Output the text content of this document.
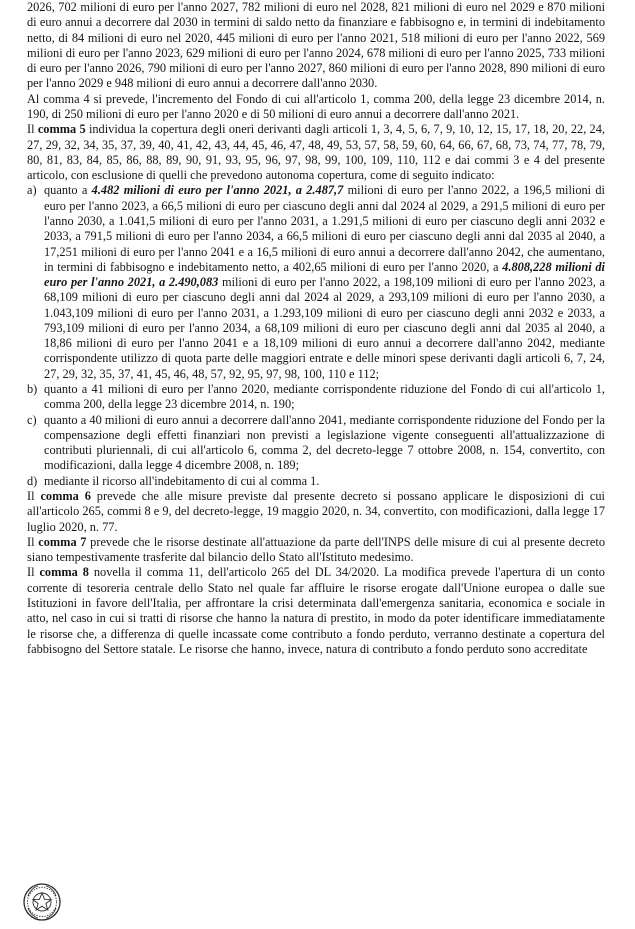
2026, 702 milioni di euro per l'anno 2027, 782 milioni di euro nel 2028, 821 milioni di euro nel 2029 e 870 milioni di euro annui a decorrere dal 2030 in termini di saldo netto da finanziare e fabbisogno e, in termini di indebitamento netto, di 84 milioni di euro nel 2020, 445 milioni di euro per l'anno 2021, 518 milioni di euro per l'anno 2022, 569 milioni di euro per l'anno 2023, 629 milioni di euro per l'anno 2024, 678 milioni di euro per l'anno 2025, 733 milioni di euro per l'anno 2026, 790 milioni di euro per l'anno 2027, 860 milioni di euro per l'anno 2028, 890 milioni di euro per l'anno 2029 e 948 milioni di euro annui a decorrere dall'anno 2030.

Al comma 4 si prevede, l'incremento del Fondo di cui all'articolo 1, comma 200, della legge 23 dicembre 2014, n. 190, di 250 milioni di euro per l'anno 2020 e di 50 milioni di euro annui a decorrere dall'anno 2021.

Il comma 5 individua la copertura degli oneri derivanti dagli articoli 1, 3, 4, 5, 6, 7, 9, 10, 12, 15, 17, 18, 20, 22, 24, 27, 29, 32, 34, 35, 37, 39, 40, 41, 42, 43, 44, 45, 46, 47, 48, 49, 53, 57, 58, 59, 60, 64, 66, 67, 68, 73, 74, 77, 78, 79, 80, 81, 83, 84, 85, 86, 88, 89, 90, 91, 93, 95, 96, 97, 98, 99, 100, 109, 110, 112 e dai commi 3 e 4 del presente articolo, con esclusione di quelli che prevedono autonoma copertura, come di seguito indicato:

a) quanto a 4.482 milioni di euro per l'anno 2021, a 2.487,7 milioni di euro per l'anno 2022, a 196,5 milioni di euro per l'anno 2023, a 66,5 milioni di euro per ciascuno degli anni dal 2024 al 2029, a 291,5 milioni di euro per l'anno 2030, a 1.041,5 milioni di euro per l'anno 2031, a 1.291,5 milioni di euro per ciascuno degli anni 2032 e 2033, a 791,5 milioni di euro per l'anno 2034, a 66,5 milioni di euro per ciascuno degli anni dal 2035 al 2040, a 17,251 milioni di euro per l'anno 2041 e a 16,5 milioni di euro annui a decorrere dall'anno 2042, che aumentano, in termini di fabbisogno e indebitamento netto, a 402,65 milioni di euro per l'anno 2020, a 4.808,228 milioni di euro per l'anno 2021, a 2.490,083 milioni di euro per l'anno 2022, a 198,109 milioni di euro per l'anno 2023, a 68,109 milioni di euro per ciascuno degli anni dal 2024 al 2029, a 293,109 milioni di euro per l'anno 2030, a 1.043,109 milioni di euro per l'anno 2031, a 1.293,109 milioni di euro per ciascuno degli anni 2032 e 2033, a 793,109 milioni di euro per l'anno 2034, a 68,109 milioni di euro per ciascuno degli anni dal 2035 al 2040, a 18,86 milioni di euro per l'anno 2041 e a 18,109 milioni di euro annui a decorrere dall'anno 2042, mediante corrispondente utilizzo di quota parte delle maggiori entrate e delle minori spese derivanti dagli articoli 6, 7, 24, 27, 29, 32, 35, 37, 41, 45, 46, 48, 57, 92, 95, 97, 98, 100, 110 e 112;
b) quanto a 41 milioni di euro per l'anno 2020, mediante corrispondente riduzione del Fondo di cui all'articolo 1, comma 200, della legge 23 dicembre 2014, n. 190;
c) quanto a 40 milioni di euro annui a decorrere dall'anno 2041, mediante corrispondente riduzione del Fondo per la compensazione degli effetti finanziari non previsti a legislazione vigente conseguenti all'attualizzazione di contributi pluriennali, di cui all'articolo 6, comma 2, del decreto-legge 7 ottobre 2008, n. 154, convertito, con modificazioni, dalla legge 4 dicembre 2008, n. 189;
d) mediante il ricorso all'indebitamento di cui al comma 1.

Il comma 6 prevede che alle misure previste dal presente decreto si possano applicare le disposizioni di cui all'articolo 265, commi 8 e 9, del decreto-legge, 19 maggio 2020, n. 34, convertito, con modificazioni, dalla legge 17 luglio 2020, n. 77.

Il comma 7 prevede che le risorse destinate all'attuazione da parte dell'INPS delle misure di cui al presente decreto siano tempestivamente trasferite dal bilancio dello Stato all'Istituto medesimo.

Il comma 8 novella il comma 11, dell'articolo 265 del DL 34/2020. La modifica prevede l'apertura di un conto corrente di tesoreria centrale dello Stato nel quale far affluire le risorse erogate dall'Unione europea o dalle sue Istituzioni in favore dell'Italia, per affrontare la crisi determinata dall'emergenza sanitaria, economica e sociale in atto, nel caso in cui si tratti di risorse che hanno la natura di prestito, in modo da poter identificare immediatamente le risorse che, a differenza di quelle incassate come contributo a fondo perduto, verranno destinate a copertura del fabbisogno del Settore statale. Le risorse che hanno, invece, natura di contributo a fondo perduto sono accreditate
